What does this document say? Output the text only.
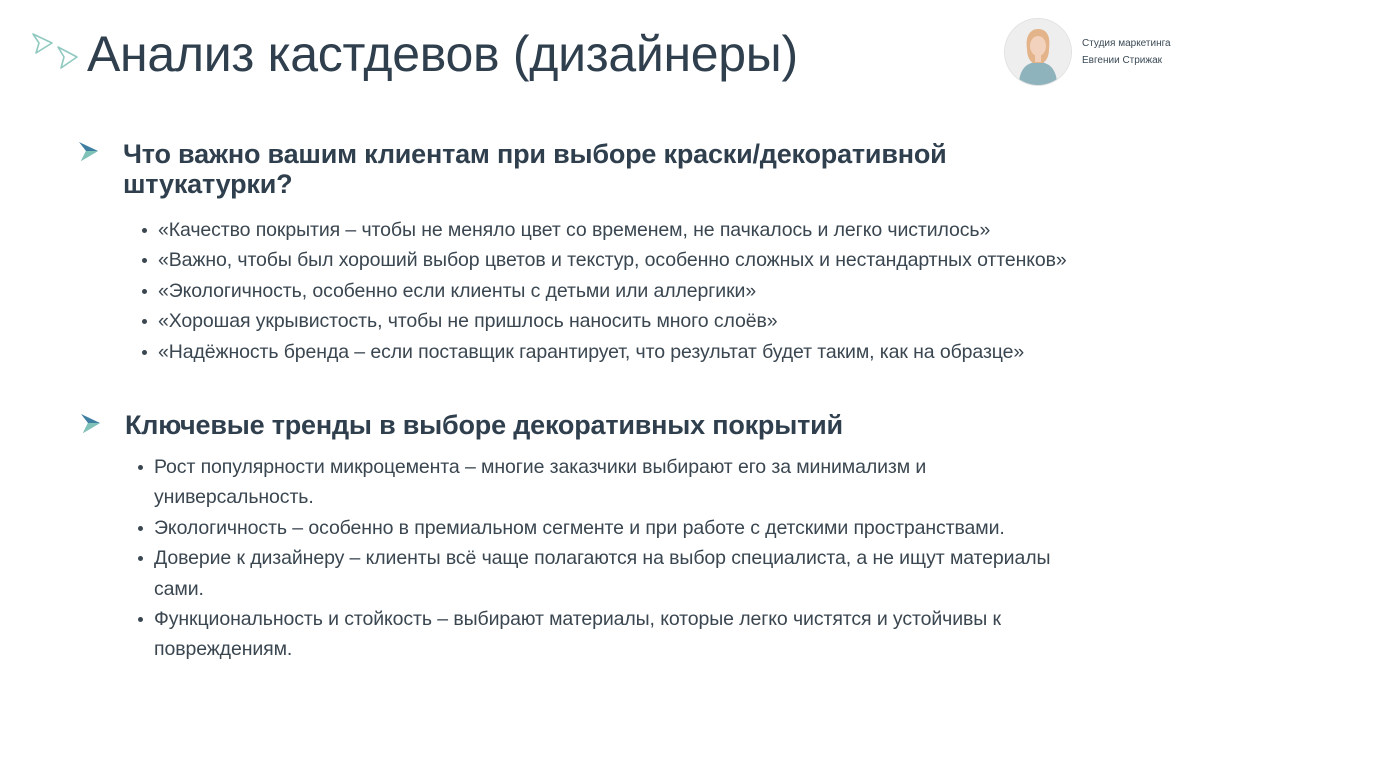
Анализ кастдевов (дизайнеры)	Студия маркетинга
Евгении Стрижак
Что важно вашим клиентам при выборе краски/декоративной
штукатурки?
«Качество покрытия – чтобы не меняло цвет со временем, не пачкалось и легко чистилось»
«Важно, чтобы был хороший выбор цветов и текстур, особенно сложных и нестандартных оттенков»
«Экологичность, особенно если клиенты с детьми или аллергики»
«Хорошая укрывистость, чтобы не пришлось наносить много слоёв»
«Надёжность бренда – если поставщик гарантирует, что результат будет таким, как на образце»
Ключевые тренды в выборе декоративных покрытий
Рост популярности микроцемента – многие заказчики выбирают его за минимализм и универсальность.
Экологичность – особенно в премиальном сегменте и при работе с детскими пространствами.
Доверие к дизайнеру – клиенты всё чаще полагаются на выбор специалиста, а не ищут материалы сами.
Функциональность и стойкость – выбирают материалы, которые легко чистятся и устойчивы к повреждениям.
